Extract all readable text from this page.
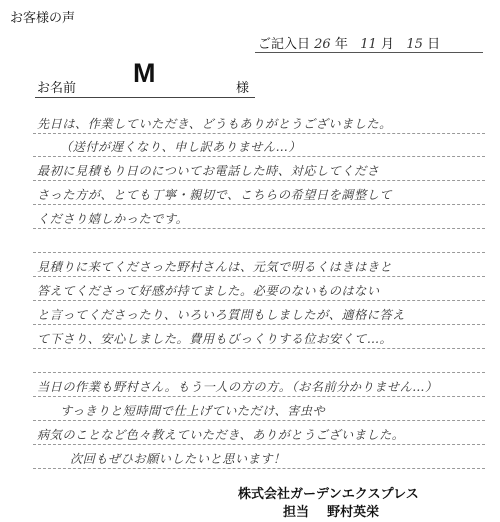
お客様の声
ご記入日 26 年 11 月 15 日
お名前
M
様
先日は、作業していただき、どうもありがとうございました。
（送付が遅くなり、申し訳ありません…）
最初に見積もり日のについてお電話した時、対応してくださ
さった方が、とても丁寧・親切で、こちらの希望日を調整して
くださり嬉しかったです。
見積りに来てくださった野村さんは、元気で明るくはきはきと
答えてくださって好感が持てました。必要のないものはない
と言ってくださったり、いろいろ質問もしましたが、適格に答え
て下さり、安心しました。費用もびっくりする位お安くて…。
当日の作業も野村さん。もう一人の方の方。（お名前分かりません…）
すっきりと短時間で仕上げていただけ、害虫や
病気のことなど色々教えていただき、ありがとうございました。
次回もぜひお願いしたいと思います！
株式会社ガーデンエクスプレス
担当 野村英栄
